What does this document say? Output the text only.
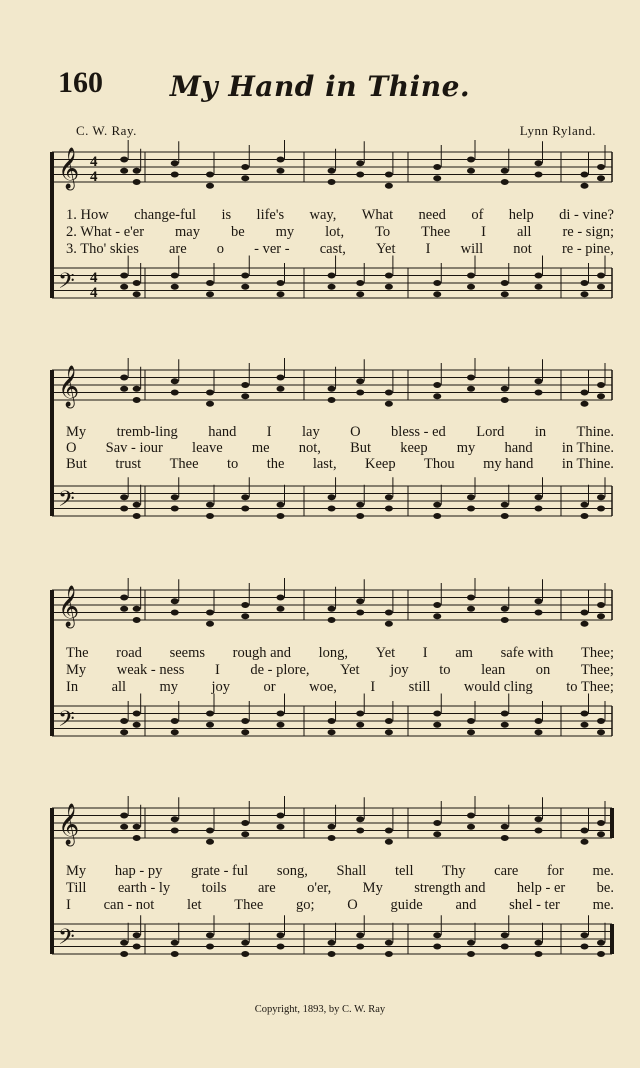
160	My Hand in Thine.
C. W. Ray.	Lynn Ryland.
𝄞 4
4
𝄢 4
4
1. How change-ful is life's way, What need of help di - vine?
2. What - e'er may be my lot, To Thee I all re - sign;
3. Tho' skies are o - ver - cast, Yet I will not re - pine,
𝄞
𝄢
My tremb-ling hand I lay O bless - ed Lord in Thine.
O Sav - iour leave me not, But keep my hand in Thine.
But trust Thee to the last, Keep Thou my hand in Thine.
𝄞
𝄢
The road seems rough and long, Yet I am safe with Thee;
My weak - ness I de - plore, Yet joy to lean on Thee;
In all my joy or woe, I still would cling to Thee;
𝄞
𝄢
My hap - py grate - ful song, Shall tell Thy care for me.
Till earth - ly toils are o'er, My strength and help - er be.
I can - not let Thee go; O guide and shel - ter me.
Copyright, 1893, by C. W. Ray
